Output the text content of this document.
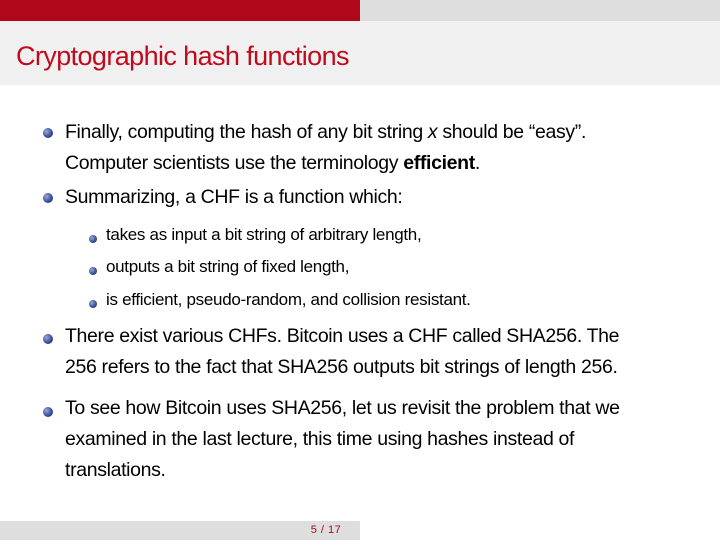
Cryptographic hash functions
Finally, computing the hash of any bit string x should be “easy”.
Computer scientists use the terminology efficient.
Summarizing, a CHF is a function which:
takes as input a bit string of arbitrary length,
outputs a bit string of fixed length,
is efficient, pseudo-random, and collision resistant.
There exist various CHFs. Bitcoin uses a CHF called SHA256. The
256 refers to the fact that SHA256 outputs bit strings of length 256.
To see how Bitcoin uses SHA256, let us revisit the problem that we
examined in the last lecture, this time using hashes instead of
translations.
5 / 17
